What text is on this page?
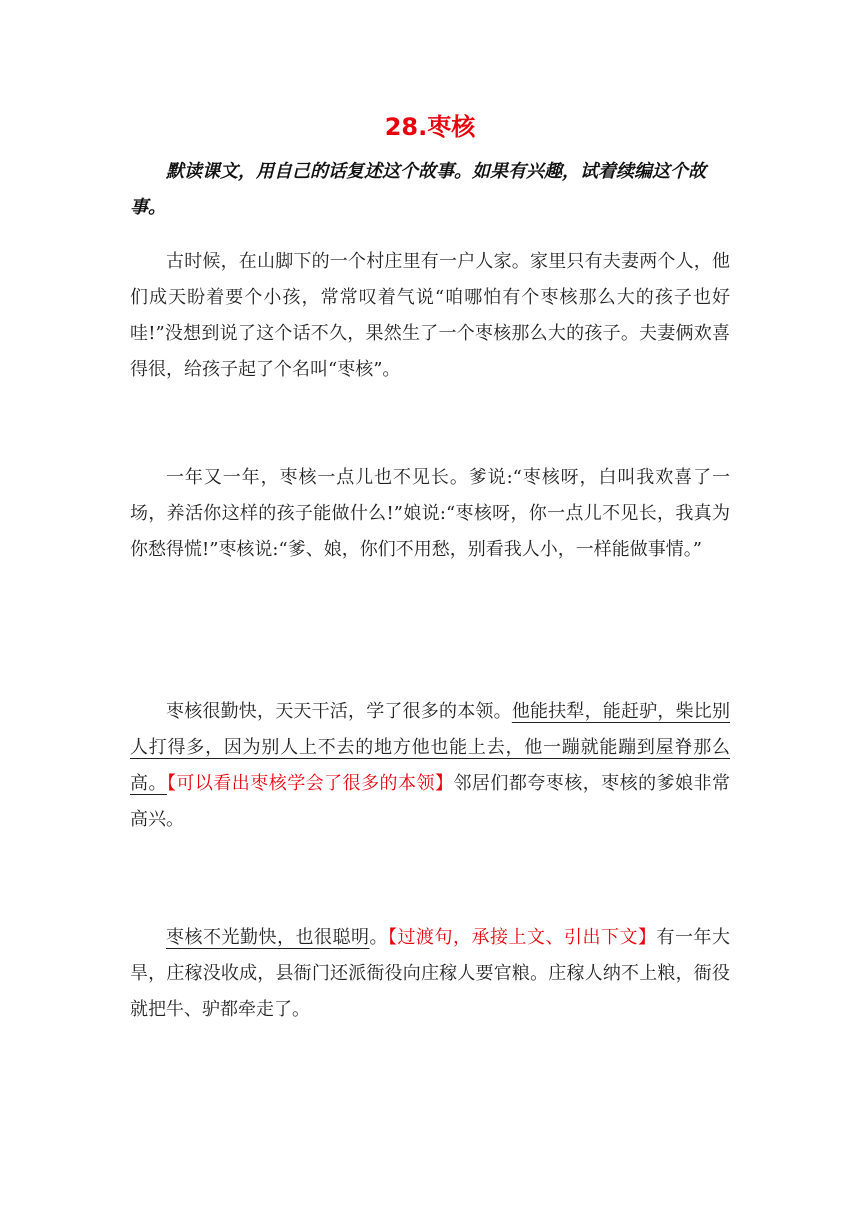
28.枣核

默读课文，用自己的话复述这个故事。如果有兴趣，试着续编这个故事。

古时候，在山脚下的一个村庄里有一户人家。家里只有夫妻两个人，他们成天盼着要个小孩，常常叹着气说“咱哪怕有个枣核那么大的孩子也好哇!”没想到说了这个话不久，果然生了一个枣核那么大的孩子。夫妻俩欢喜得很，给孩子起了个名叫“枣核”。

一年又一年，枣核一点儿也不见长。爹说:“枣核呀，白叫我欢喜了一场，养活你这样的孩子能做什么!”娘说:“枣核呀，你一点儿不见长，我真为你愁得慌!”枣核说:“爹、娘，你们不用愁，别看我人小，一样能做事情。”

枣核很勤快，天天干活，学了很多的本领。他能扶犁，能赶驴，柴比别人打得多，因为别人上不去的地方他也能上去，他一蹦就能蹦到屋脊那么高。【可以看出枣核学会了很多的本领】邻居们都夸枣核，枣核的爹娘非常高兴。

枣核不光勤快，也很聪明。【过渡句，承接上文、引出下文】有一年大旱，庄稼没收成，县衙门还派衙役向庄稼人要官粮。庄稼人纳不上粮，衙役就把牛、驴都牵走了。
